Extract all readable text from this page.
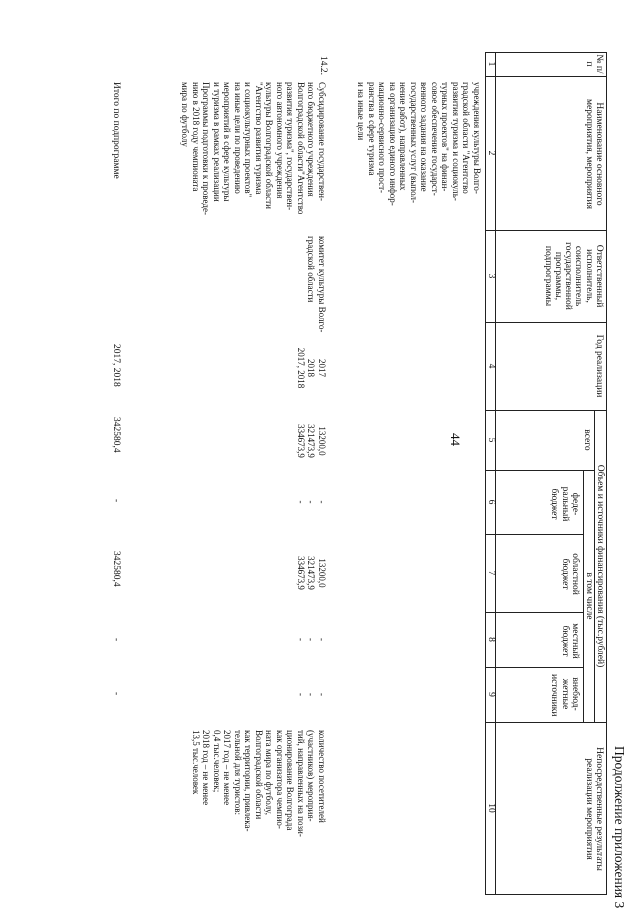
44
Продолжение приложения 3
№ п/п
Наименование основного мероприятия, мероприятия
Ответственный исполнитель, соисполнитель государственной программы, подпрограммы
Год реализации
Объем и источники финансирования (тыс.рублей)
всего
в том числе
феде-ральный бюджет
областной бюджет
местный бюджет
внебюд-жетные источники
Непосредственные результаты реализации мероприятия
1
2
3
4
5
6
7
8
9
10
учреждения культуры Волго-
градской области "Агентство
развития туризма и социокуль-
турных проектов" на финан-
совое обеспечение государст-
венного задания на оказание
государственных услуг (выпол-
нение работ), направленных
на организацию единого инфор-
мационно-сервисного прост-
ранства в сфере туризма
и на иные цели
14.2.
Субсидирование государствен-
ного бюджетного учреждения
Волгоградской области"Агентство
развития туризма", государствен-
ного автономного учреждения
культуры Волгоградской области
"Агентство развития туризма
и социокультурных проектов"
на иные цели по проведению
мероприятий в сфере культуры
и туризма в рамках реализации
Программы подготовки к проведе-
нию в 2018 году чемпионата
мира по футболу
комитет культуры Волго-
градской области
2017
2018
2017, 2018
13200,0
321473,9
334673,9
-
-
-
13200,0
321473,9
334673,9
-
-
-
-
-
-
количество посетителей
(участников) мероприя-
тий, направленных на пози-
ционирование Волгограда
как организатора чемпио-
ната мира по футболу,
Волгоградской области
как территории, привлека-
тельной для туристов:
2017 год – не менее
0,4 тыс.человек;
2018 год – не менее
13,5 тыс.человек
Итого по подпрограмме
2017, 2018
342580,4
-
342580,4
-
-
